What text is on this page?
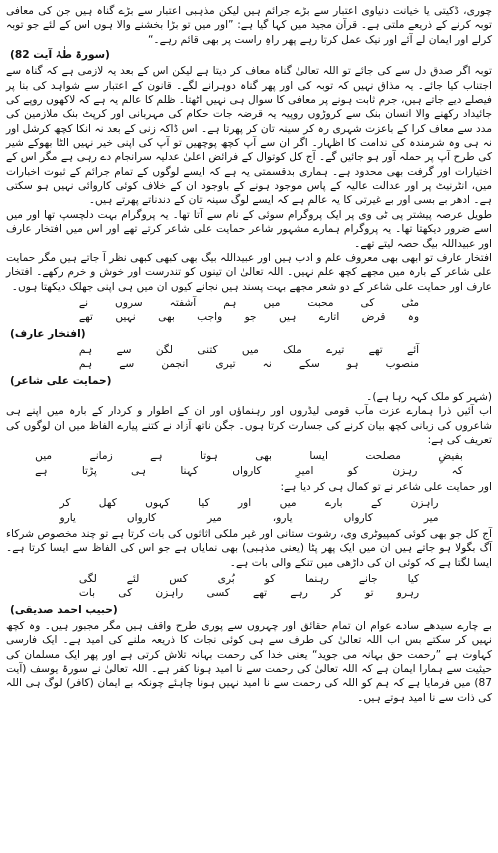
چوری، ڈکیتی یا خیانت دنیاوی اعتبار سے بڑے جرائم ہیں لیکن مذہبی اعتبار سے بڑے گناہ ہیں جن کی معافی توبہ کرنے کے ذریعے ملتی ہے۔ قرآن مجید میں کہا گیا ہے: ”اور میں تو بڑا بخشنے والا ہوں اس کے لئے جو توبہ کرلے اور ایمان لے آئے اور نیک عمل کرتا رہے پھر راہِ راست پر بھی قائم رہے۔“

(سورۃ طٰہٰ آیت 82)

توبہ اگر صدق دل سے کی جائے تو اللہ تعالیٰ گناہ معاف کر دیتا ہے لیکن اس کے بعد یہ لازمی ہے کہ گناہ سے اجتناب کیا جائے۔ یہ مذاق نہیں کہ توبہ کی اور پھر گناہ دوہرانے لگے۔ قانون کے اعتبار سے شواہد کی بنا پر فیصلے دیے جاتے ہیں، جرم ثابت ہونے پر معافی کا سوال ہی نہیں اٹھتا۔ ظلم کا عالم یہ ہے کہ لاکھوں روپے کی جائیداد رکھنے والا انسان بنک سے کروڑوں روپیہ یہ قرضہ جات حکام کی مہربانی اور کرپٹ بنک ملازمین کی مدد سے معاف کرا کے باعزت شہری رہ کر سینہ تان کر پھرتا ہے۔ اس ڈاکہ زنی کے بعد نہ انکا کچھ کرشل اور نہ ہی وہ شرمندہ کی ندامت کا اظہار۔ اگر ان سے آپ کچھ پوچھیں تو آپ کی اپنی خیر نہیں الٹا بھوکے شیر کی طرح آپ پر حملہ آور ہو جائیں گے۔ آج کل کوتوال کے فرائض اعلیٰ عدلیہ سرانجام دے رہی ہے مگر اس کے اختیارات اور گرفت بھی محدود ہے۔ ہماری بدقسمتی یہ ہے کہ ایسے لوگوں کے تمام جرائم کے ثبوت اخبارات میں، انٹرنیٹ پر اور عدالت عالیہ کے پاس موجود ہونے کے باوجود ان کے خلاف کوئی کاروائی نہیں ہو سکتی ہے۔ ادھر بے بسی اور بے غیرتی کا یہ عالم ہے کہ ایسے لوگ سینہ تان کے دندناتے پھرتے ہیں۔

طویل عرصہ پیشتر پی ٹی وی پر ایک پروگرام سوئی کے نام سے آتا تھا۔ یہ پروگرام بہت دلچسپ تھا اور میں اسے ضرور دیکھتا تھا۔ یہ پروگرام ہمارے مشہور شاعر حمایت علی شاعر کرتے تھے اور اس میں افتخار عارف اور عبیداللہ بیگ حصہ لیتے تھے۔

افتخار عارف تو ابھی بھی معروف علم و ادب ہیں اور عبیداللہ بیگ بھی کبھی کبھی نظر آ جاتے ہیں مگر حمایت علی شاعر کے بارہ میں مجھے کچھ علم نہیں۔ اللہ تعالیٰ ان تینوں کو تندرست اور خوش و خرم رکھے۔ افتخار عارف اور حمایت علی شاعر کے دو شعر مجھے بہت پسند ہیں نجانے کیوں ان میں ہی اپنی جھلک دیکھتا ہوں۔

مٹی کی محبت میں ہم آشفتہ سروں نے
وہ قرض اتارے ہیں جو واجب بھی نہیں تھے

(افتخار عارف)

آئے تھے تیرے ملک میں کتنی لگن سے ہم
منصوب ہو سکے نہ تیری انجمن سے ہم

(حمایت علی شاعر)

(شہر کو ملک کہہ رہا ہے)۔

اب آئیں ذرا ہمارے عزت مآب قومی لیڈروں اور رہنماؤں اور ان کے اطوار و کردار کے بارہ میں اپنے ہی شاعروں کی زبانی کچھ بیان کرنے کی جسارت کرتا ہوں۔ جگن ناتھ آزاد نے کتنے پیارے الفاظ میں ان لوگوں کی تعریف کی ہے:

بفیضِ مصلحت ایسا بھی ہوتا ہے زمانے میں
کہ رہزن کو امیرِ کارواں کہنا ہی پڑتا ہے

اور حمایت علی شاعر نے تو کمال ہی کر دیا ہے:

راہزن کے بارے میں اور کیا کہوں کھل کر
میر کارواں یارو، میر کارواں یارو

آج کل جو بھی کوئی کمپیوٹری وی، رشوت ستانی اور غیر ملکی اثاثوں کی بات کرتا ہے تو چند مخصوص شرکاء آگ بگولا ہو جاتے ہیں ان میں ایک پھر پٹا (یعنی مذہبی) بھی نمایاں ہے جو اس کی الفاظ سے ایسا کرتا ہے۔ ایسا لگتا ہے کہ کوئی ان کی داڑھی میں تنکے والی بات ہے۔

کیا جانے رہنما کو بُری کس لئے لگی
رہرو تو کر رہے تھے کسی راہزن کی بات

(حبیب احمد صدیقی)

بے چارے سیدھے سادے عوام ان تمام حقائق اور چہروں سے پوری طرح واقف ہیں مگر مجبور ہیں۔ وہ کچھ نہیں کر سکتے بس اب اللہ تعالیٰ کی طرف سے ہی کوئی نجات کا ذریعہ ملنے کی امید ہے۔ ایک فارسی کہاوت ہے ”رحمت حق بہانہ می جوید“ یعنی خدا کی رحمت بہانہ تلاش کرتی ہے اور پھر ایک مسلمان کی حیثیت سے ہمارا ایمان ہے کہ اللہ تعالیٰ کی رحمت سے نا امید ہونا کفر ہے۔ اللہ تعالیٰ نے سورۃ یوسف (آیت 87) میں فرمایا ہے کہ ہم کو اللہ کی رحمت سے نا امید نہیں ہونا چاہئے چونکہ بے ایمان (کافر) لوگ ہی اللہ کی ذات سے نا امید ہوتے ہیں۔
